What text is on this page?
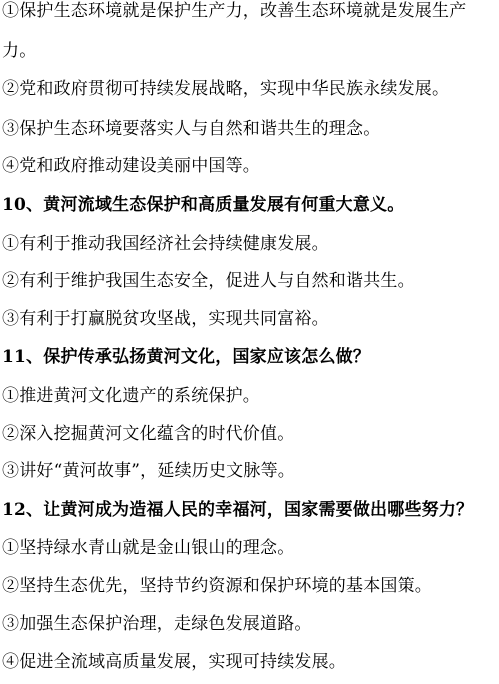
①保护生态环境就是保护生产力，改善生态环境就是发展生产
力。
②党和政府贯彻可持续发展战略，实现中华民族永续发展。
③保护生态环境要落实人与自然和谐共生的理念。
④党和政府推动建设美丽中国等。
10、黄河流域生态保护和高质量发展有何重大意义。
①有利于推动我国经济社会持续健康发展。
②有利于维护我国生态安全，促进人与自然和谐共生。
③有利于打赢脱贫攻坚战，实现共同富裕。
11、保护传承弘扬黄河文化，国家应该怎么做？
①推进黄河文化遗产的系统保护。
②深入挖掘黄河文化蕴含的时代价值。
③讲好“黄河故事”，延续历史文脉等。
12、让黄河成为造福人民的幸福河，国家需要做出哪些努力？
①坚持绿水青山就是金山银山的理念。
②坚持生态优先，坚持节约资源和保护环境的基本国策。
③加强生态保护治理，走绿色发展道路。
④促进全流域高质量发展，实现可持续发展。
